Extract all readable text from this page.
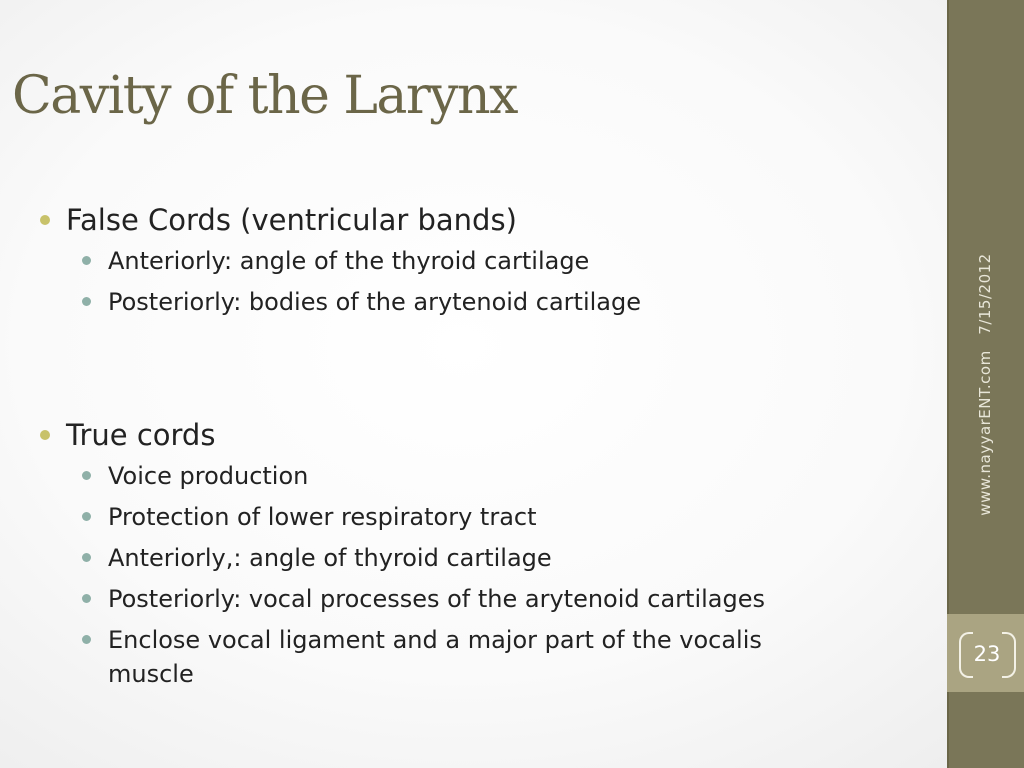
Cavity of the Larynx
False Cords (ventricular bands)
Anteriorly: angle of the thyroid cartilage
Posteriorly: bodies of the arytenoid cartilage
True cords
Voice production
Protection of lower respiratory tract
Anteriorly,: angle of thyroid cartilage
Posteriorly: vocal processes of the arytenoid cartilages
Enclose vocal ligament and a major part of the vocalis muscle
7/15/2012
www.nayyarENT.com
23
